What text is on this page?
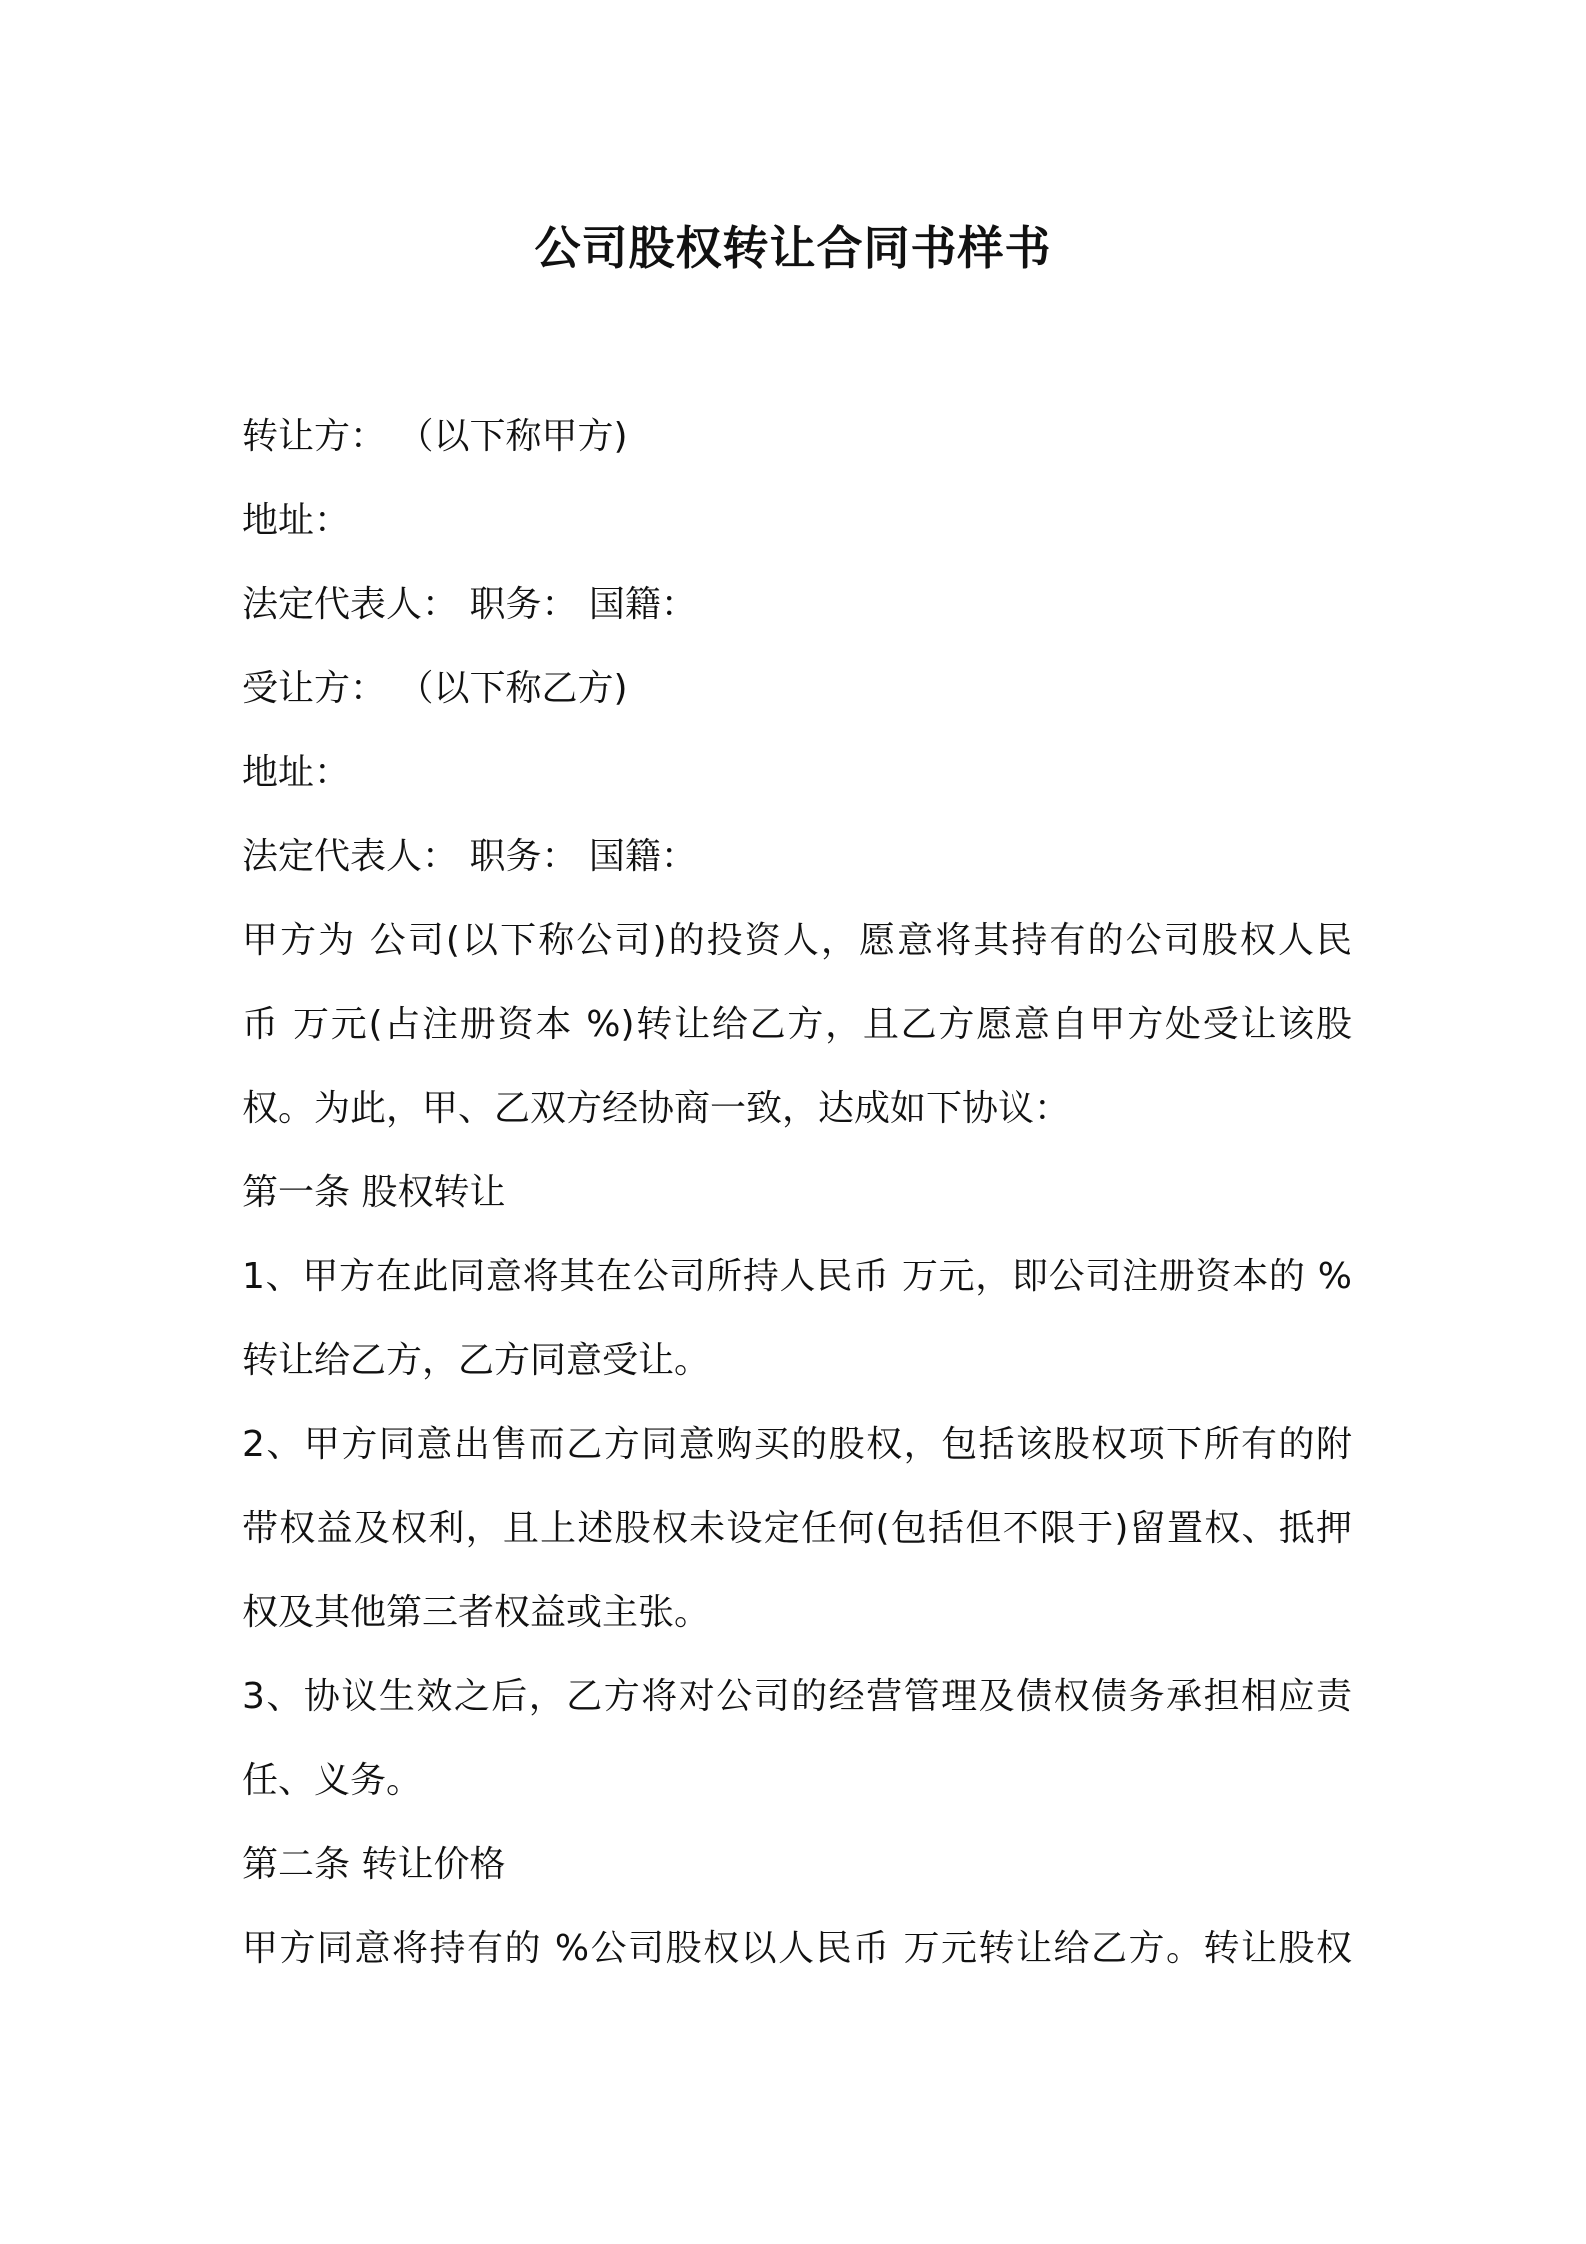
公司股权转让合同书样书

转让方： （以下称甲方)

地址：

法定代表人： 职务： 国籍：

受让方： （以下称乙方)

地址：

法定代表人： 职务： 国籍：

甲方为 公司(以下称公司)的投资人，愿意将其持有的公司股权人民

币 万元(占注册资本 %)转让给乙方，且乙方愿意自甲方处受让该股

权。为此，甲、乙双方经协商一致，达成如下协议：

第一条 股权转让

1、甲方在此同意将其在公司所持人民币 万元，即公司注册资本的 %

转让给乙方，乙方同意受让。

2、甲方同意出售而乙方同意购买的股权，包括该股权项下所有的附

带权益及权利，且上述股权未设定任何(包括但不限于)留置权、抵押

权及其他第三者权益或主张。

3、协议生效之后，乙方将对公司的经营管理及债权债务承担相应责

任、义务。

第二条 转让价格

甲方同意将持有的 %公司股权以人民币 万元转让给乙方。转让股权
